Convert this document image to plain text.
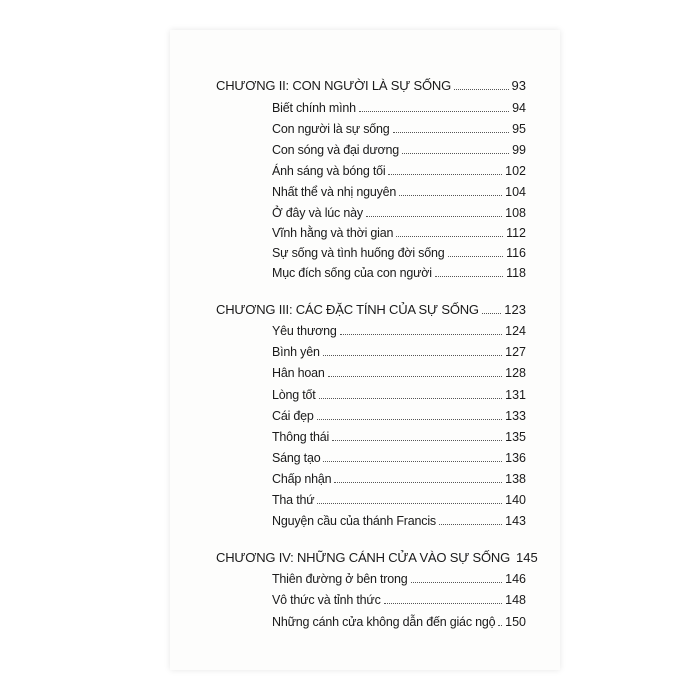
CHƯƠNG II: CON NGƯỜI LÀ SỰ SỐNG	93
Biết chính mình	94
Con người là sự sống	95
Con sóng và đại dương	99
Ánh sáng và bóng tối	102
Nhất thể và nhị nguyên	104
Ở đây và lúc này	108
Vĩnh hằng và thời gian	112
Sự sống và tình huống đời sống	116
Mục đích sống của con người	118
CHƯƠNG III: CÁC ĐẶC TÍNH CỦA SỰ SỐNG 123
Yêu thương	124
Bình yên	127
Hân hoan	128
Lòng tốt	131
Cái đẹp	133
Thông thái	135
Sáng tạo	136
Chấp nhận	138
Tha thứ	140
Nguyện cầu của thánh Francis	143
CHƯƠNG IV: NHỮNG CÁNH CỬA VÀO SỰ SỐNG 145
Thiên đường ở bên trong	146
Vô thức và tỉnh thức	148
Những cánh cửa không dẫn đến giác ngộ 150
